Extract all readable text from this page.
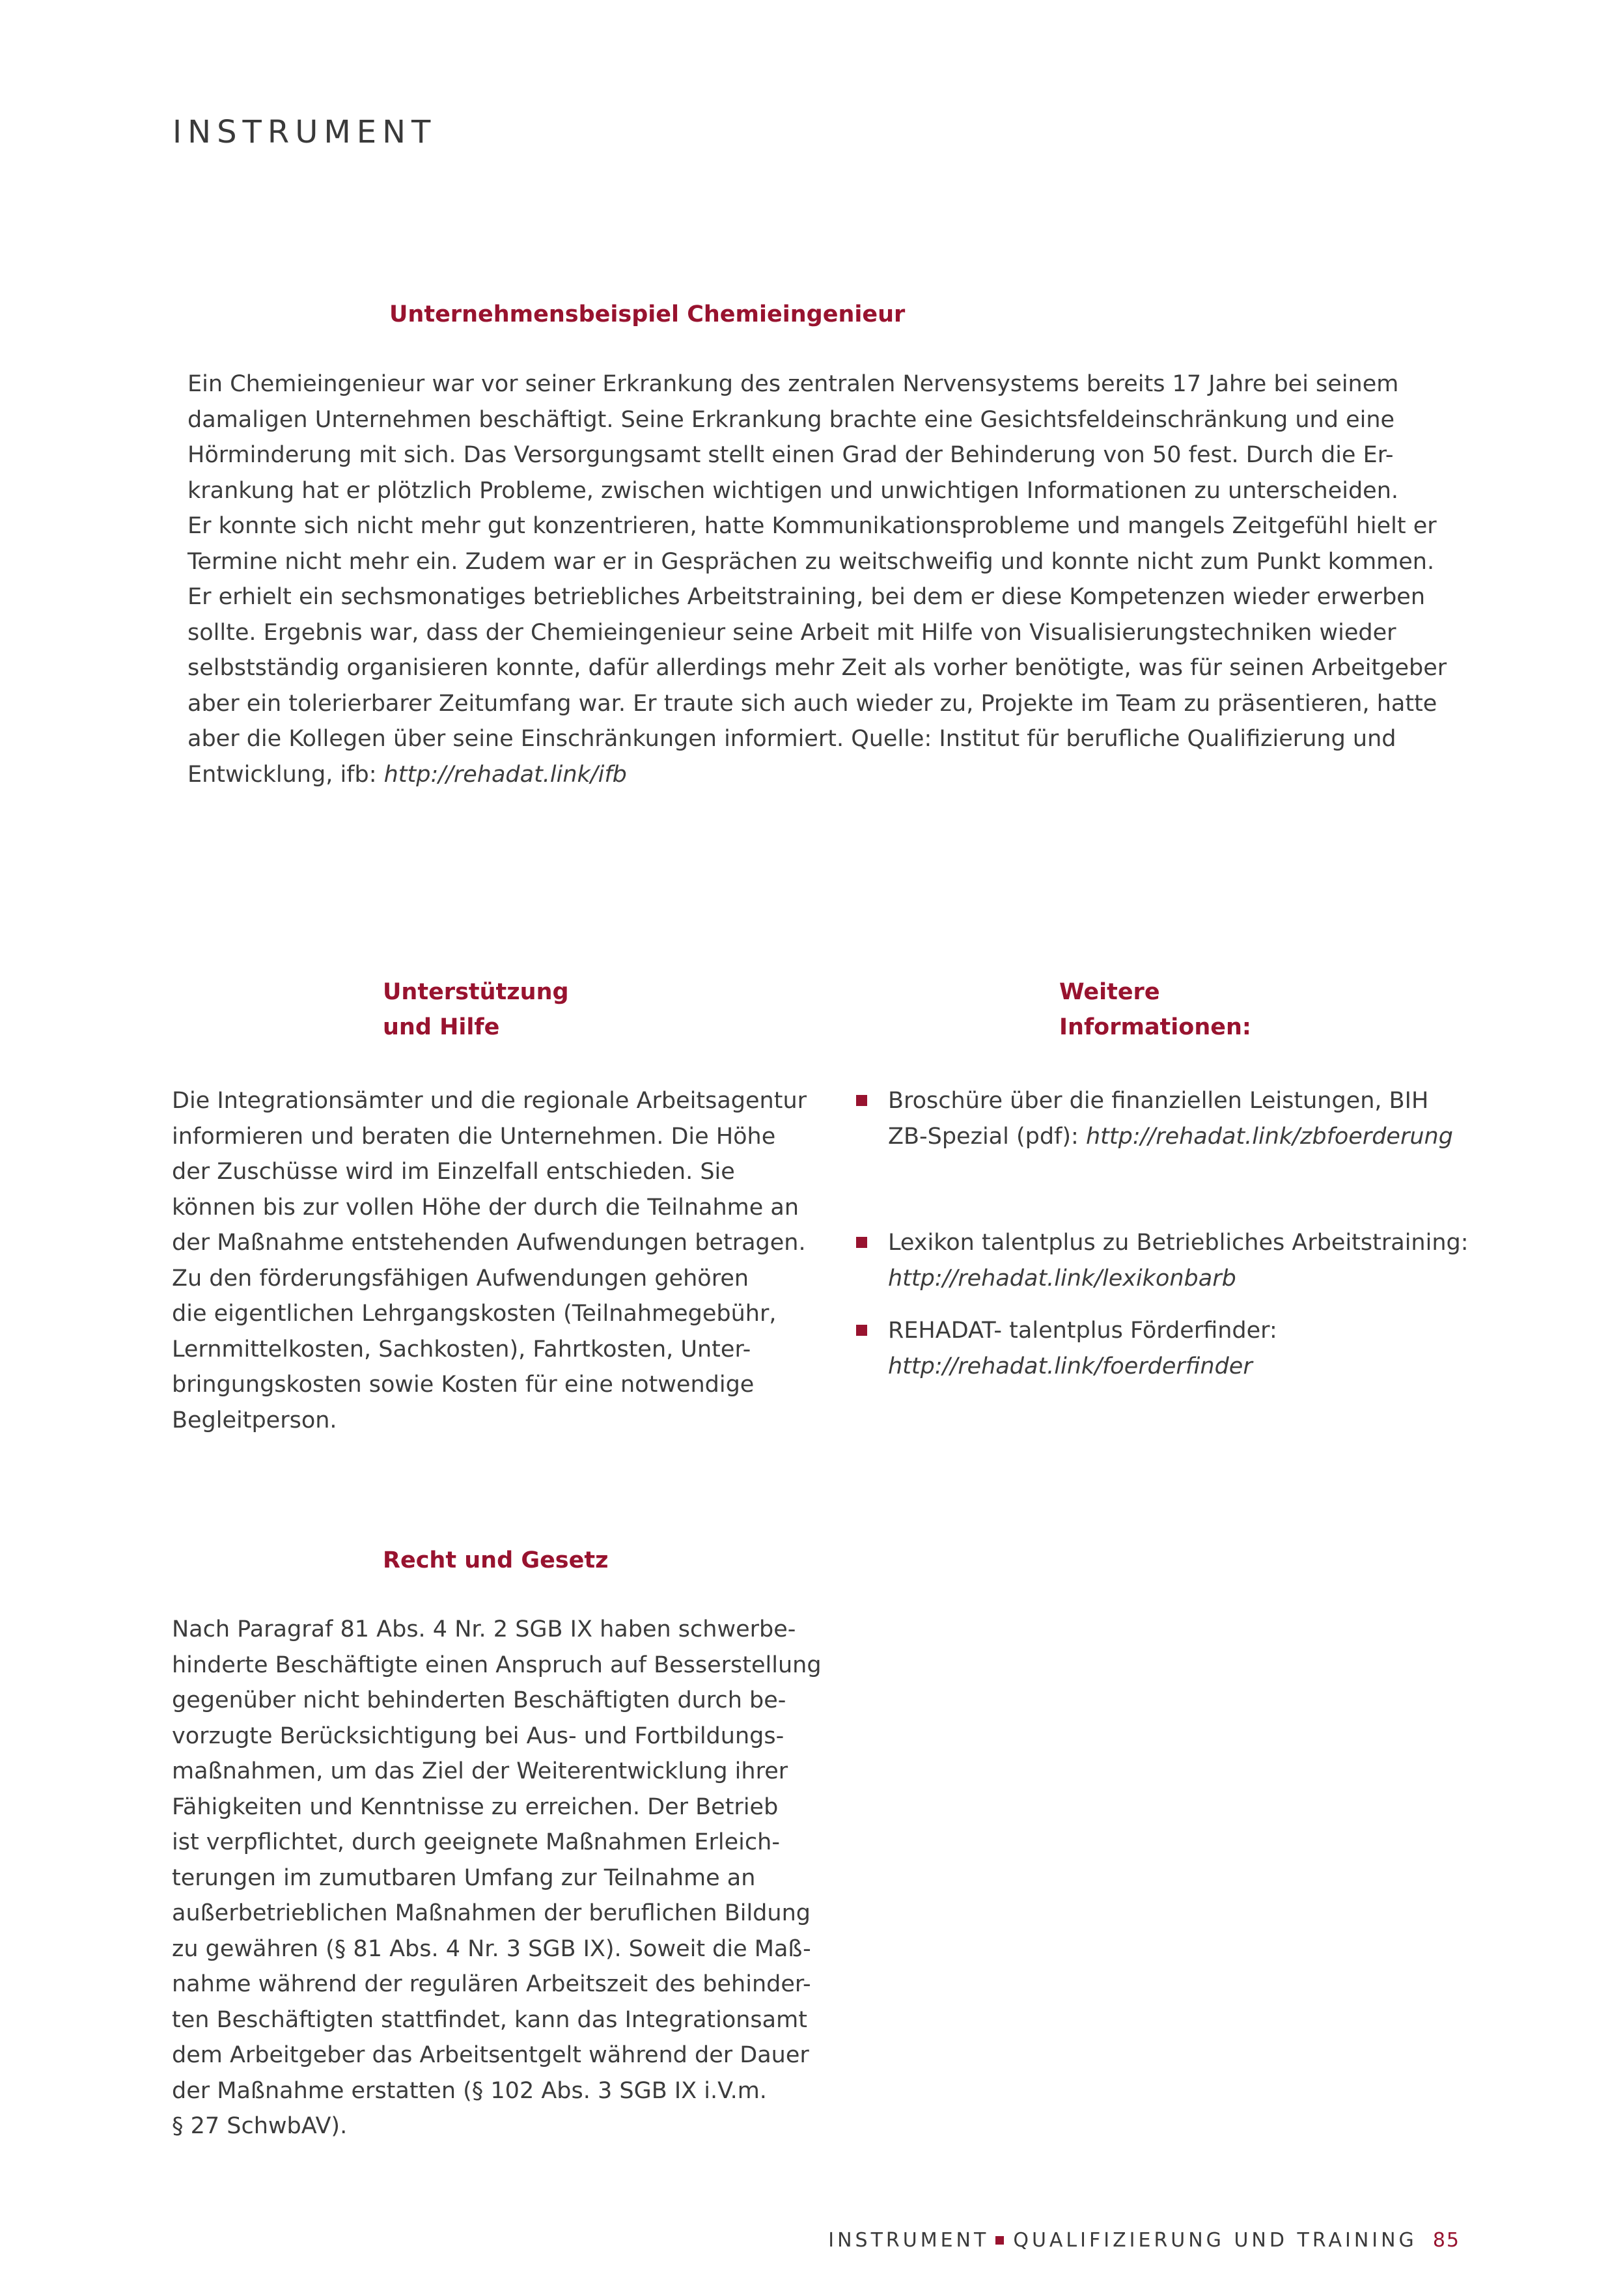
INSTRUMENT
Unternehmensbeispiel Chemieingenieur

Ein Chemieingenieur war vor seiner Erkrankung des zentralen Nervensystems bereits 17 Jahre bei seinem

damaligen Unternehmen beschäftigt. Seine Erkrankung brachte eine Gesichtsfeldeinschränkung und eine

Hörminderung mit sich. Das Versorgungsamt stellt einen Grad der Behinderung von 50 fest. Durch die Er-

krankung hat er plötzlich Probleme, zwischen wichtigen und unwichtigen Informationen zu unterscheiden.

Er konnte sich nicht mehr gut konzentrieren, hatte Kommunikationsprobleme und mangels Zeitgefühl hielt er

Termine nicht mehr ein. Zudem war er in Gesprächen zu weitschweifig und konnte nicht zum Punkt kommen.

Er erhielt ein sechsmonatiges betriebliches Arbeitstraining, bei dem er diese Kompetenzen wieder erwerben

sollte. Ergebnis war, dass der Chemieingenieur seine Arbeit mit Hilfe von Visualisierungstechniken wieder

selbstständig organisieren konnte, dafür allerdings mehr Zeit als vorher benötigte, was für seinen Arbeitgeber

aber ein tolerierbarer Zeitumfang war. Er traute sich auch wieder zu, Projekte im Team zu präsentieren, hatte

aber die Kollegen über seine Einschränkungen informiert. Quelle: Institut für berufliche Qualifizierung und

Entwicklung, ifb: http://rehadat.link/ifb

Unterstützung
und Hilfe

Die Integrationsämter und die regionale Arbeitsagentur

informieren und beraten die Unternehmen. Die Höhe

der Zuschüsse wird im Einzelfall entschieden. Sie

können bis zur vollen Höhe der durch die Teilnahme an

der Maßnahme entstehenden Aufwendungen betragen.

Zu den förderungsfähigen Aufwendungen gehören

die eigentlichen Lehrgangskosten (Teilnahmegebühr,

Lernmittelkosten, Sachkosten), Fahrtkosten, Unter-

bringungskosten sowie Kosten für eine notwendige

Begleitperson.

Weitere
Informationen:
Broschüre über die finanziellen Leistungen, BIH
ZB-Spezial (pdf): http://rehadat.link/zbfoerderung
Lexikon talentplus zu Betriebliches Arbeitstraining:
http://rehadat.link/lexikonbarb
REHADAT- talentplus Förderfinder:
http://rehadat.link/foerderfinder
Recht und Gesetz

Nach Paragraf 81 Abs. 4 Nr. 2 SGB IX haben schwerbe-

hinderte Beschäftigte einen Anspruch auf Besserstellung

gegenüber nicht behinderten Beschäftigten durch be-

vorzugte Berücksichtigung bei Aus- und Fortbildungs-

maßnahmen, um das Ziel der Weiterentwicklung ihrer

Fähigkeiten und Kenntnisse zu erreichen. Der Betrieb

ist verpflichtet, durch geeignete Maßnahmen Erleich-

terungen im zumutbaren Umfang zur Teilnahme an

außerbetrieblichen Maßnahmen der beruflichen Bildung

zu gewähren (§ 81 Abs. 4 Nr. 3 SGB IX). Soweit die Maß-

nahme während der regulären Arbeitszeit des behinder-

ten Beschäftigten stattfindet, kann das Integrationsamt

dem Arbeitgeber das Arbeitsentgelt während der Dauer

der Maßnahme erstatten (§ 102 Abs. 3 SGB IX i.V.m.

§ 27 SchwbAV).

INSTRUMENT QUALIFIZIERUNG UND TRAINING 85
